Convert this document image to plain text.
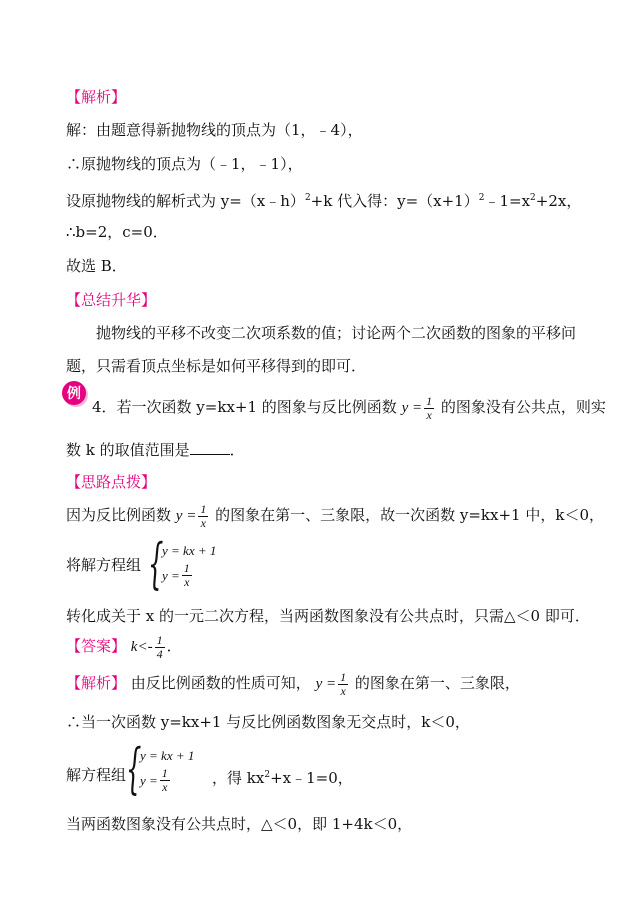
【解析】
解：由题意得新抛物线的顶点为（1，﹣4），
∴原抛物线的顶点为（﹣1，﹣1），
设原抛物线的解析式为 y=（x﹣h）$^2$+k 代入得：$y=(x+1)^2﹣1=x^2+2x$，
∴b=2，c=0．
故选 B．
【总结升华】
抛物线的平移不改变二次项系数的值；讨论两个二次函数的图象的平移问
题，只需看顶点坐标是如何平移得到的即可．
例
4．若一次函数 y=kx+1 的图象与反比例函数 $y = \frac{1}{x}$ 的图象没有公共点，则实
数 k 的取值范围是	．
【思路点拨】
因为反比例函数 $y = \frac{1}{x}$ 的图象在第一、三象限，故一次函数 y=kx+1 中，k＜0，
将解方程组 {
y = kx + 1
$y = \frac{1}{x}$
转化成关于 x 的一元二次方程，当两函数图象没有公共点时，只需△＜0 即可．
【答案】 $k<- \frac{1}{4}$ ．
【解析】 由反比例函数的性质可知， $y = \frac{1}{x}$ 的图象在第一、三象限，
∴当一次函数 y=kx+1 与反比例函数图象无交点时，k＜0，
解方程组 {
y = kx + 1
$y = \frac{1}{x}$	，得 $kx^2+x﹣1=0$，
当两函数图象没有公共点时，△＜0，即 1+4k＜0，
